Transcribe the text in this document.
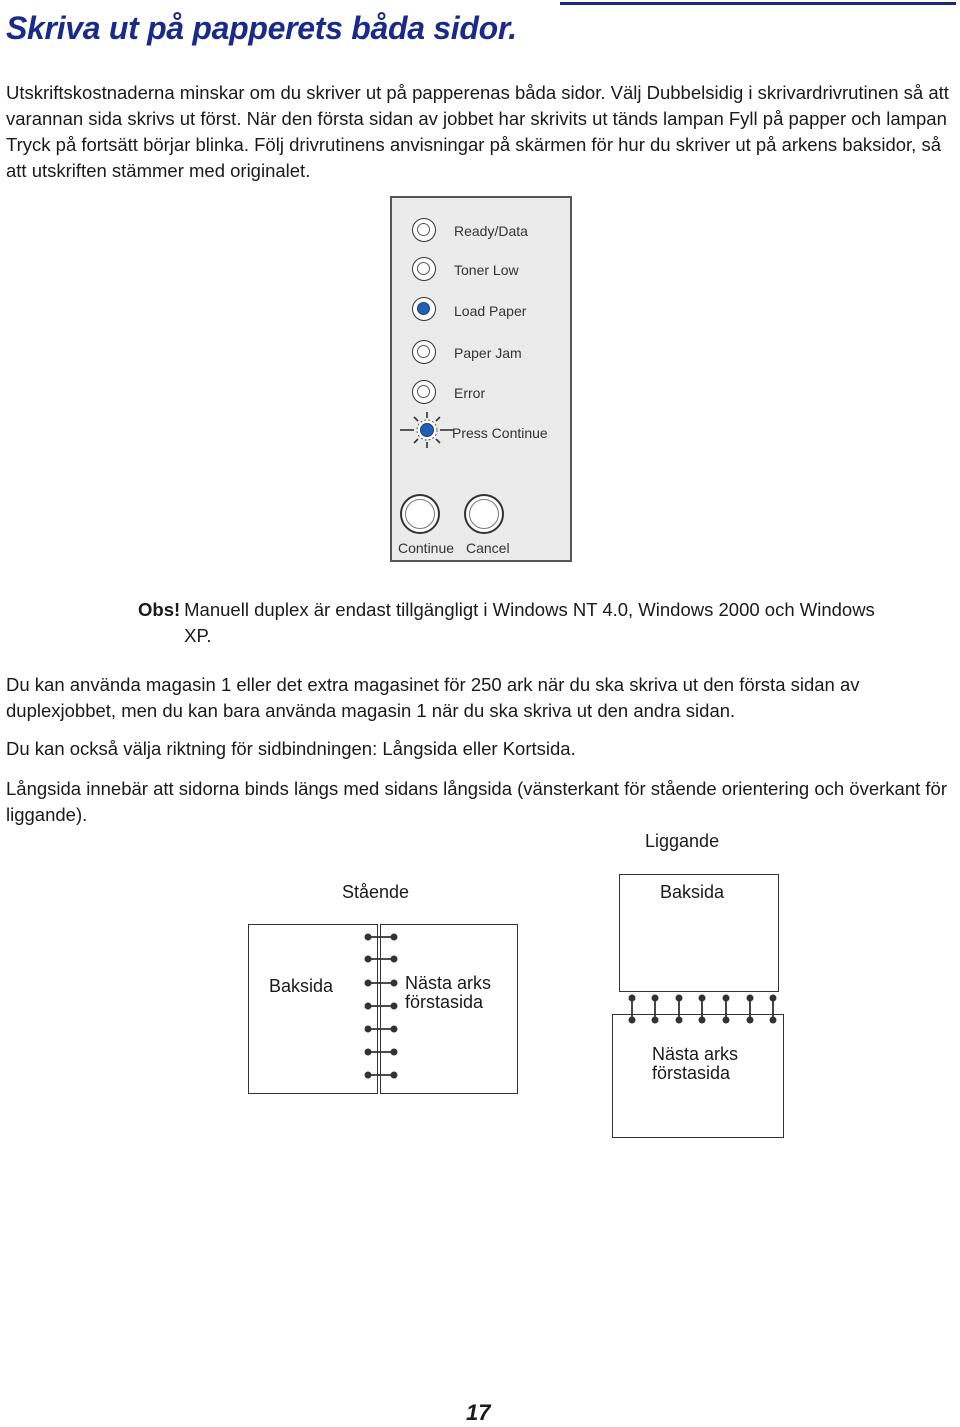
Skriva ut på papperets båda sidor.

Utskriftskostnaderna minskar om du skriver ut på papperenas båda sidor. Välj Dubbelsidig i skrivardrivrutinen så att varannan sida skrivs ut först. När den första sidan av jobbet har skrivits ut tänds lampan Fyll på papper och lampan Tryck på fortsätt börjar blinka. Följ drivrutinens anvisningar på skärmen för hur du skriver ut på arkens baksidor, så att utskriften stämmer med originalet.

Ready/Data
Toner Low
Load Paper
Paper Jam
Error
Press Continue
Continue Cancel
Obs! Manuell duplex är endast tillgängligt i Windows NT 4.0, Windows 2000 och Windows XP.

Du kan använda magasin 1 eller det extra magasinet för 250 ark när du ska skriva ut den första sidan av duplexjobbet, men du kan bara använda magasin 1 när du ska skriva ut den andra sidan.

Du kan också välja riktning för sidbindningen: Långsida eller Kortsida.

Långsida innebär att sidorna binds längs med sidans långsida (vänsterkant för stående orientering och överkant för liggande).

Stående
Baksida	Nästa arks
förstasida
Liggande
Baksida
Nästa arks
förstasida
17
